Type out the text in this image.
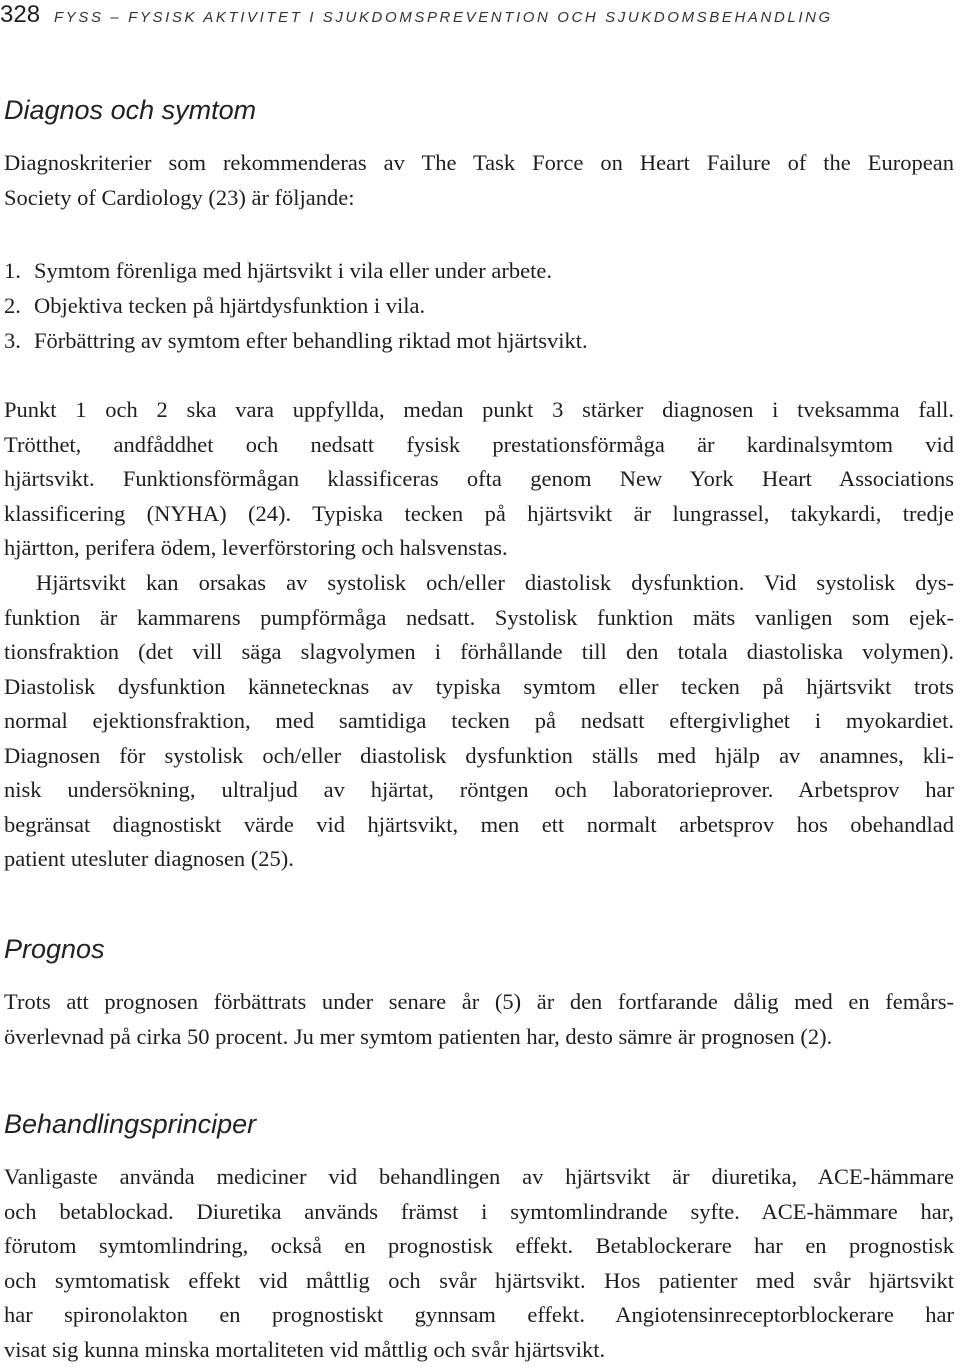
328 FYSS – FYSISK AKTIVITET I SJUKDOMSPREVENTION OCH SJUKDOMSBEHANDLING
Diagnos och symtom

Diagnoskriterier som rekommenderas av The Task Force on Heart Failure of the European
Society of Cardiology (23) är följande:

1. Symtom förenliga med hjärtsvikt i vila eller under arbete.
2. Objektiva tecken på hjärtdysfunktion i vila.
3. Förbättring av symtom efter behandling riktad mot hjärtsvikt.

Punkt 1 och 2 ska vara uppfyllda, medan punkt 3 stärker diagnosen i tveksamma fall.
Trötthet, andfåddhet och nedsatt fysisk prestationsförmåga är kardinalsymtom vid
hjärtsvikt. Funktionsförmågan klassificeras ofta genom New York Heart Associations
klassificering (NYHA) (24). Typiska tecken på hjärtsvikt är lungrassel, takykardi, tredje
hjärtton, perifera ödem, leverförstoring och halsvenstas.

Hjärtsvikt kan orsakas av systolisk och/eller diastolisk dysfunktion. Vid systolisk dys-
funktion är kammarens pumpförmåga nedsatt. Systolisk funktion mäts vanligen som ejek-
tionsfraktion (det vill säga slagvolymen i förhållande till den totala diastoliska volymen).
Diastolisk dysfunktion kännetecknas av typiska symtom eller tecken på hjärtsvikt trots
normal ejektionsfraktion, med samtidiga tecken på nedsatt eftergivlighet i myokardiet.
Diagnosen för systolisk och/eller diastolisk dysfunktion ställs med hjälp av anamnes, kli-
nisk undersökning, ultraljud av hjärtat, röntgen och laboratorieprover. Arbetsprov har
begränsat diagnostiskt värde vid hjärtsvikt, men ett normalt arbetsprov hos obehandlad
patient utesluter diagnosen (25).

Prognos

Trots att prognosen förbättrats under senare år (5) är den fortfarande dålig med en femårs-
överlevnad på cirka 50 procent. Ju mer symtom patienten har, desto sämre är prognosen (2).

Behandlingsprinciper

Vanligaste använda mediciner vid behandlingen av hjärtsvikt är diuretika, ACE-hämmare
och betablockad. Diuretika används främst i symtomlindrande syfte. ACE-hämmare har,
förutom symtomlindring, också en prognostisk effekt. Betablockerare har en prognostisk
och symtomatisk effekt vid måttlig och svår hjärtsvikt. Hos patienter med svår hjärtsvikt
har spironolakton en prognostiskt gynnsam effekt. Angiotensinreceptorblockerare har
visat sig kunna minska mortaliteten vid måttlig och svår hjärtsvikt.
